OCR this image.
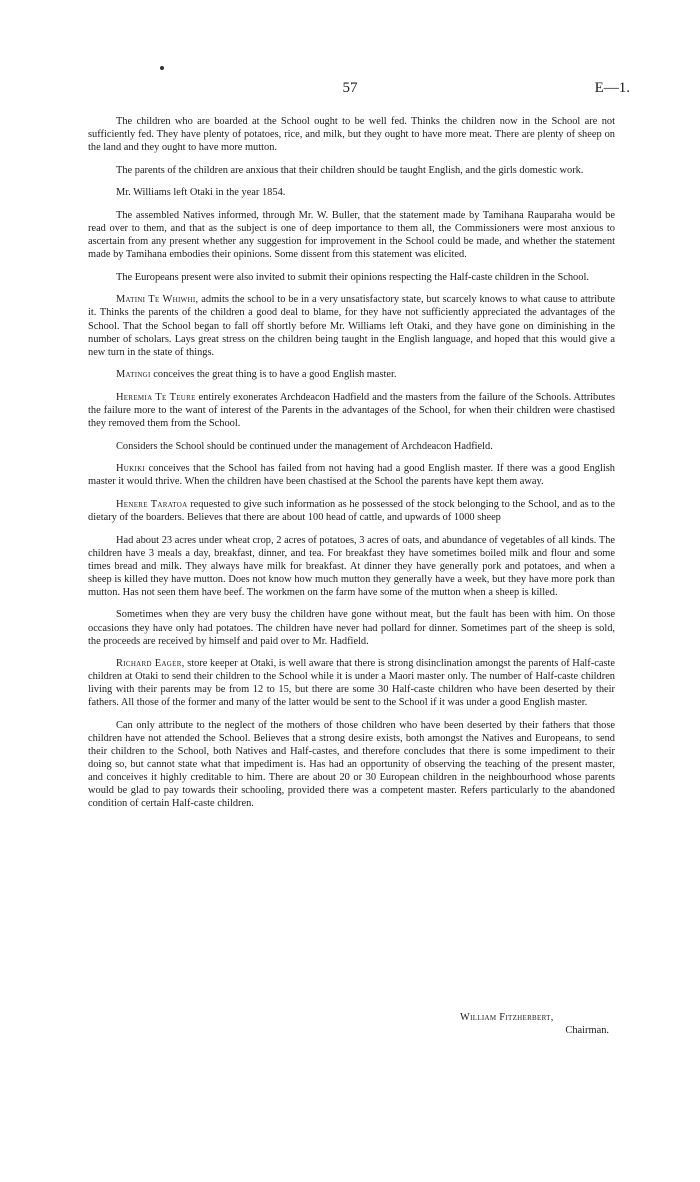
57	E—1.

The children who are boarded at the School ought to be well fed. Thinks the children now in the School are not sufficiently fed. They have plenty of potatoes, rice, and milk, but they ought to have more meat. There are plenty of sheep on the land and they ought to have more mutton.

The parents of the children are anxious that their children should be taught English, and the girls domestic work.

Mr. Williams left Otaki in the year 1854.

The assembled Natives informed, through Mr. W. Buller, that the statement made by Tamihana Rauparaha would be read over to them, and that as the subject is one of deep importance to them all, the Commissioners were most anxious to ascertain from any present whether any suggestion for improvement in the School could be made, and whether the statement made by Tamihana embodies their opinions. Some dissent from this statement was elicited.

The Europeans present were also invited to submit their opinions respecting the Half-caste children in the School.

Matini Te Whiwhi, admits the school to be in a very unsatisfactory state, but scarcely knows to what cause to attribute it. Thinks the parents of the children a good deal to blame, for they have not sufficiently appreciated the advantages of the School. That the School began to fall off shortly before Mr. Williams left Otaki, and they have gone on diminishing in the number of scholars. Lays great stress on the children being taught in the English language, and hoped that this would give a new turn in the state of things.

Matingi conceives the great thing is to have a good English master.

Heremia Te Teure entirely exonerates Archdeacon Hadfield and the masters from the failure of the Schools. Attributes the failure more to the want of interest of the Parents in the advantages of the School, for when their children were chastised they removed them from the School.

Considers the School should be continued under the management of Archdeacon Hadfield.

Hukiki conceives that the School has failed from not having had a good English master. If there was a good English master it would thrive. When the children have been chastised at the School the parents have kept them away.

Henere Taratoa requested to give such information as he possessed of the stock belonging to the School, and as to the dietary of the boarders. Believes that there are about 100 head of cattle, and upwards of 1000 sheep

Had about 23 acres under wheat crop, 2 acres of potatoes, 3 acres of oats, and abundance of vegetables of all kinds. The children have 3 meals a day, breakfast, dinner, and tea. For breakfast they have sometimes boiled milk and flour and some times bread and milk. They always have milk for breakfast. At dinner they have generally pork and potatoes, and when a sheep is killed they have mutton. Does not know how much mutton they generally have a week, but they have more pork than mutton. Has not seen them have beef. The workmen on the farm have some of the mutton when a sheep is killed.

Sometimes when they are very busy the children have gone without meat, but the fault has been with him. On those occasions they have only had potatoes. The children have never had pollard for dinner. Sometimes part of the sheep is sold, the proceeds are received by himself and paid over to Mr. Hadfield.

Richard Eager, store keeper at Otaki, is well aware that there is strong disinclination amongst the parents of Half-caste children at Otaki to send their children to the School while it is under a Maori master only. The number of Half-caste children living with their parents may be from 12 to 15, but there are some 30 Half-caste children who have been deserted by their fathers. All those of the former and many of the latter would be sent to the School if it was under a good English master.

Can only attribute to the neglect of the mothers of those children who have been deserted by their fathers that those children have not attended the School. Believes that a strong desire exists, both amongst the Natives and Europeans, to send their children to the School, both Natives and Half-castes, and therefore concludes that there is some impediment to their doing so, but cannot state what that impediment is. Has had an opportunity of observing the teaching of the present master, and conceives it highly creditable to him. There are about 20 or 30 European children in the neighbourhood whose parents would be glad to pay towards their schooling, provided there was a competent master. Refers particularly to the abandoned condition of certain Half-caste children.

William Fitzherbert,
Chairman.
